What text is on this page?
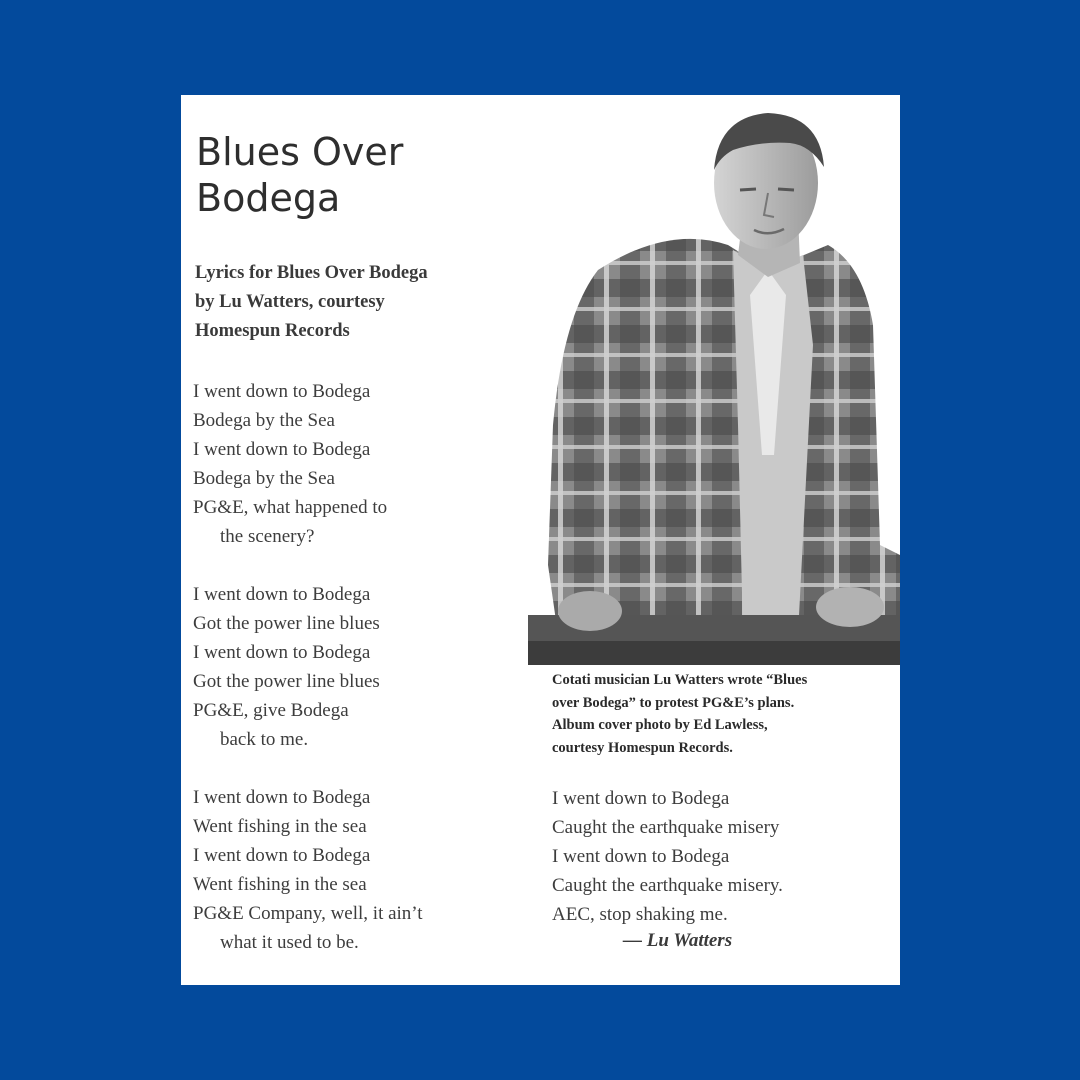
Blues Over
Bodega

Lyrics for Blues Over Bodega
by Lu Watters, courtesy
Homespun Records

I went down to Bodega
Bodega by the Sea
I went down to Bodega
Bodega by the Sea
PG&E, what happened to
the scenery?
I went down to Bodega
Got the power line blues
I went down to Bodega
Got the power line blues
PG&E, give Bodega
back to me.
I went down to Bodega
Went fishing in the sea
I went down to Bodega
Went fishing in the sea
PG&E Company, well, it ain’t
what it used to be.

Cotati musician Lu Watters wrote “Blues
over Bodega” to protest PG&E’s plans.
Album cover photo by Ed Lawless,
courtesy Homespun Records.

I went down to Bodega
Caught the earthquake misery
I went down to Bodega
Caught the earthquake misery.
AEC, stop shaking me.
— Lu Watters
